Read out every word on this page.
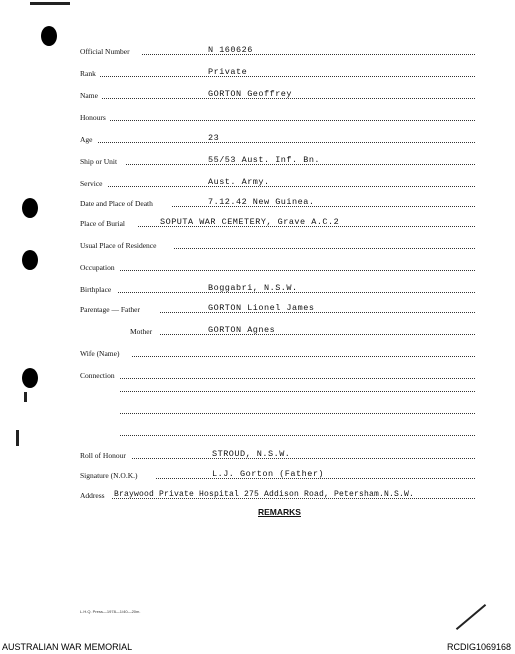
Official Number	N 160626
Rank	Private
Name	GORTON Geoffrey
Honours
Age	23
Ship or Unit	55/53 Aust. Inf. Bn.
Service	Aust. Army.
Date and Place of Death	7.12.42 New Guinea.
Place of Burial	SOPUTA WAR CEMETERY, Grave A.C.2
Usual Place of Residence
Occupation
Birthplace	Boggabri, N.S.W.
Parentage — Father	GORTON Lionel James
Mother	GORTON Agnes
Wife (Name)
Connection
Roll of Honour	STROUD, N.S.W.
Signature (N.O.K.)	L.J. Gorton (Father)
Address Braywood Private Hospital 275 Addison Road, Petersham.N.S.W.
REMARKS
L.H.Q. Press—1978—1/40—20m.
AUSTRALIAN WAR MEMORIAL	RCDIG1069168
